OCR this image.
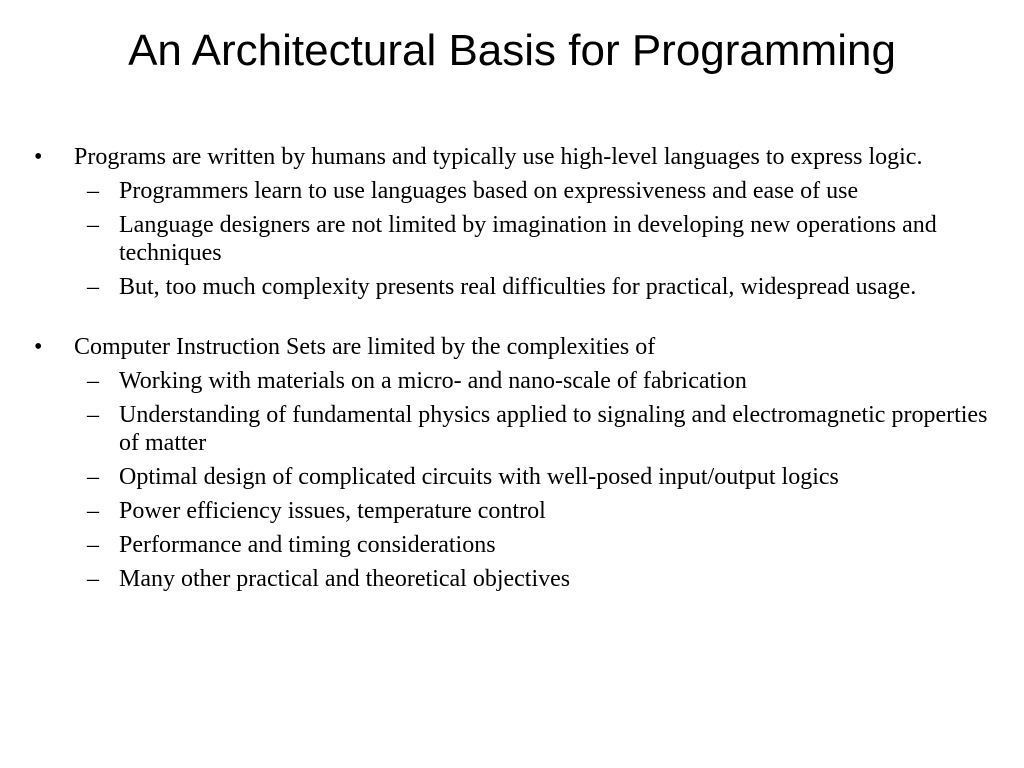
An Architectural Basis for Programming
• Programs are written by humans and typically use high-level languages to express logic.
– Programmers learn to use languages based on expressiveness and ease of use
– Language designers are not limited by imagination in developing new operations and techniques
– But, too much complexity presents real difficulties for practical, widespread usage.
• Computer Instruction Sets are limited by the complexities of
– Working with materials on a micro- and nano-scale of fabrication
– Understanding of fundamental physics applied to signaling and electromagnetic properties of matter
– Optimal design of complicated circuits with well-posed input/output logics
– Power efficiency issues, temperature control
– Performance and timing considerations
– Many other practical and theoretical objectives
